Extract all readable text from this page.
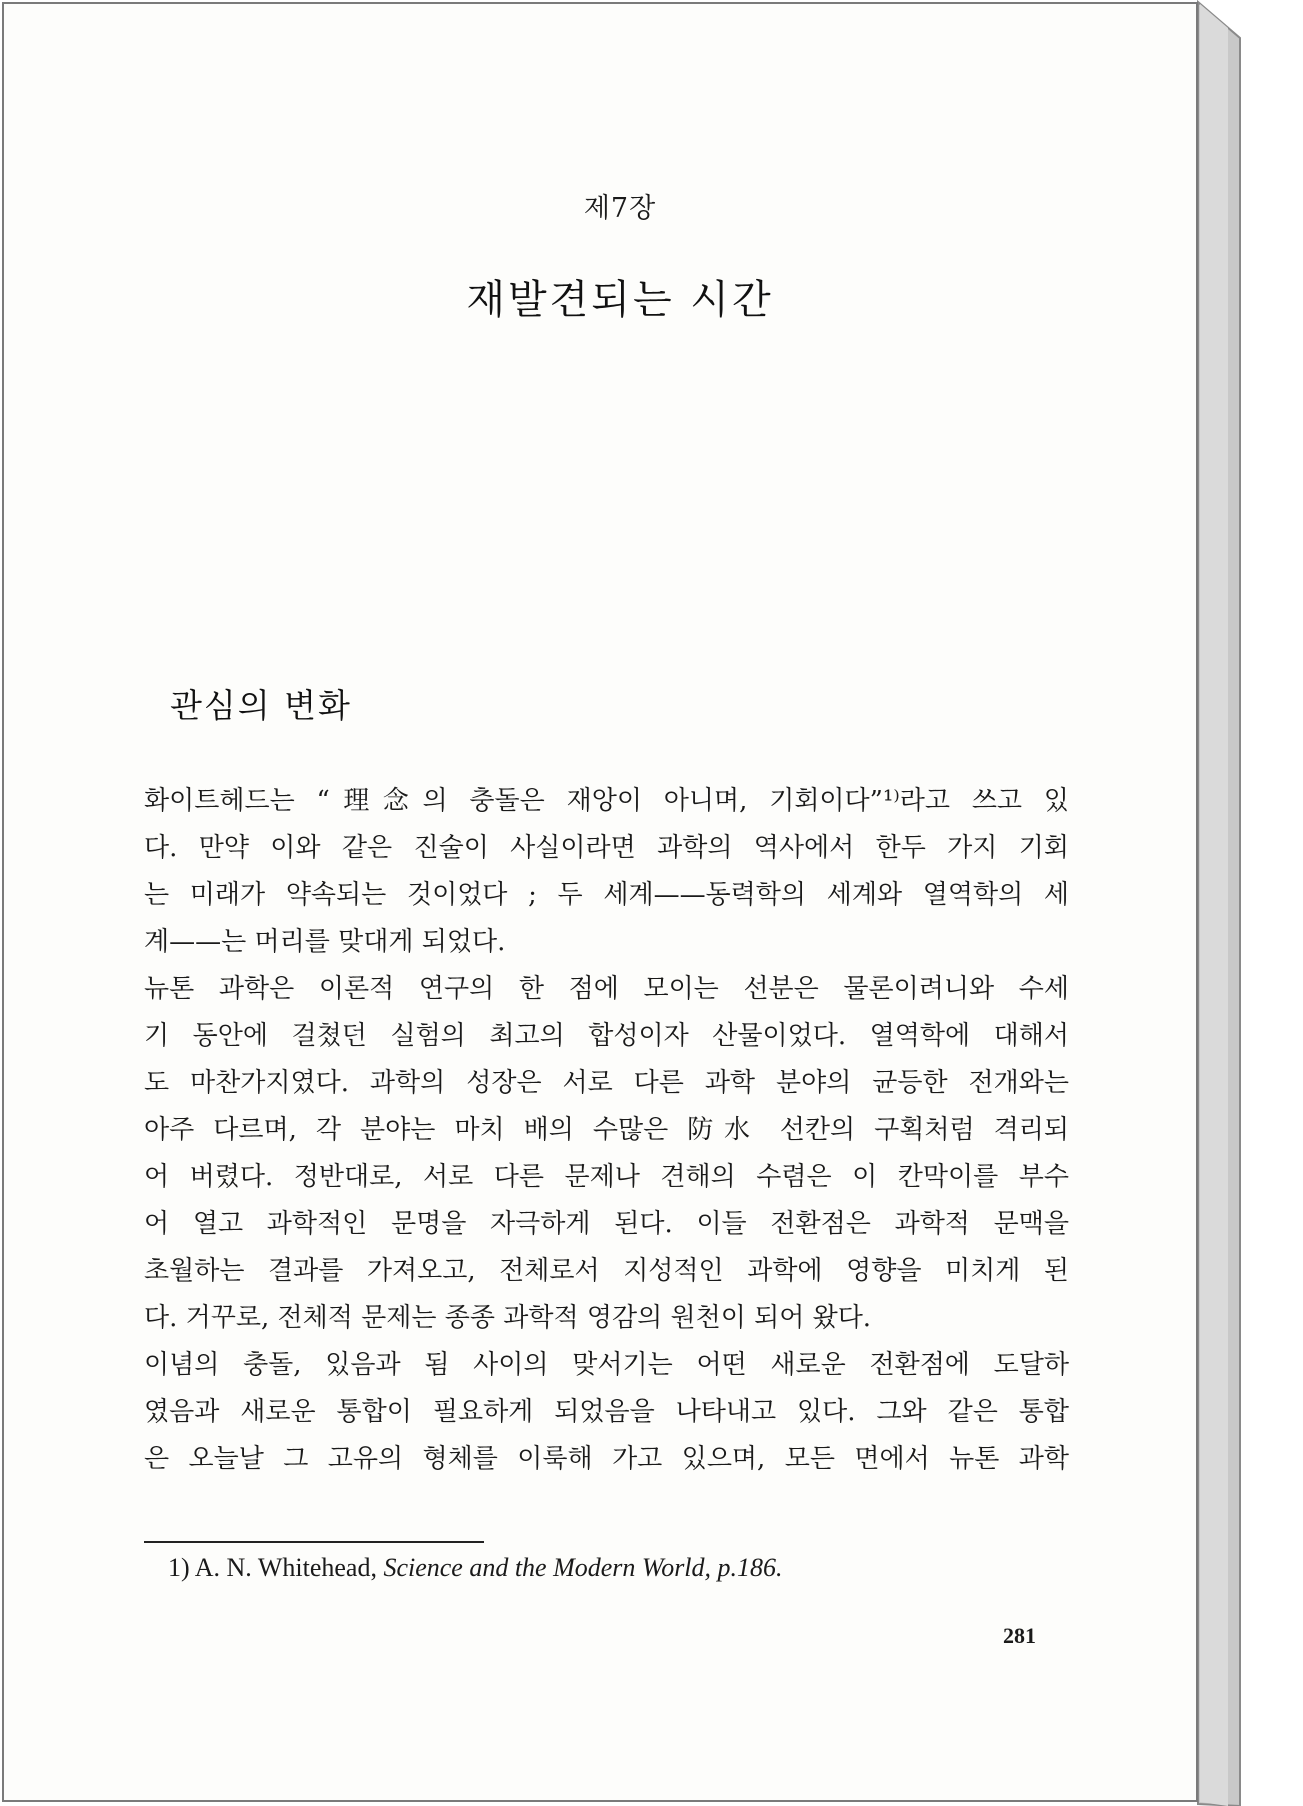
제7장
재발견되는 시간
관심의 변화
화이트헤드는 “理念의 충돌은 재앙이 아니며, 기회이다”¹⁾라고 쓰고 있
다. 만약 이와 같은 진술이 사실이라면 과학의 역사에서 한두 가지 기회
는 미래가 약속되는 것이었다 ; 두 세계——동력학의 세계와 열역학의 세
계——는 머리를 맞대게 되었다.
뉴톤 과학은 이론적 연구의 한 점에 모이는 선분은 물론이려니와 수세
기 동안에 걸쳤던 실험의 최고의 합성이자 산물이었다. 열역학에 대해서
도 마찬가지였다. 과학의 성장은 서로 다른 과학 분야의 균등한 전개와는
아주 다르며, 각 분야는 마치 배의 수많은 防水 선칸의 구획처럼 격리되
어 버렸다. 정반대로, 서로 다른 문제나 견해의 수렴은 이 칸막이를 부수
어 열고 과학적인 문명을 자극하게 된다. 이들 전환점은 과학적 문맥을
초월하는 결과를 가져오고, 전체로서 지성적인 과학에 영향을 미치게 된
다. 거꾸로, 전체적 문제는 종종 과학적 영감의 원천이 되어 왔다.
이념의 충돌, 있음과 됨 사이의 맞서기는 어떤 새로운 전환점에 도달하
였음과 새로운 통합이 필요하게 되었음을 나타내고 있다. 그와 같은 통합
은 오늘날 그 고유의 형체를 이룩해 가고 있으며, 모든 면에서 뉴톤 과학
1) A. N. Whitehead, Science and the Modern World, p.186.
281
